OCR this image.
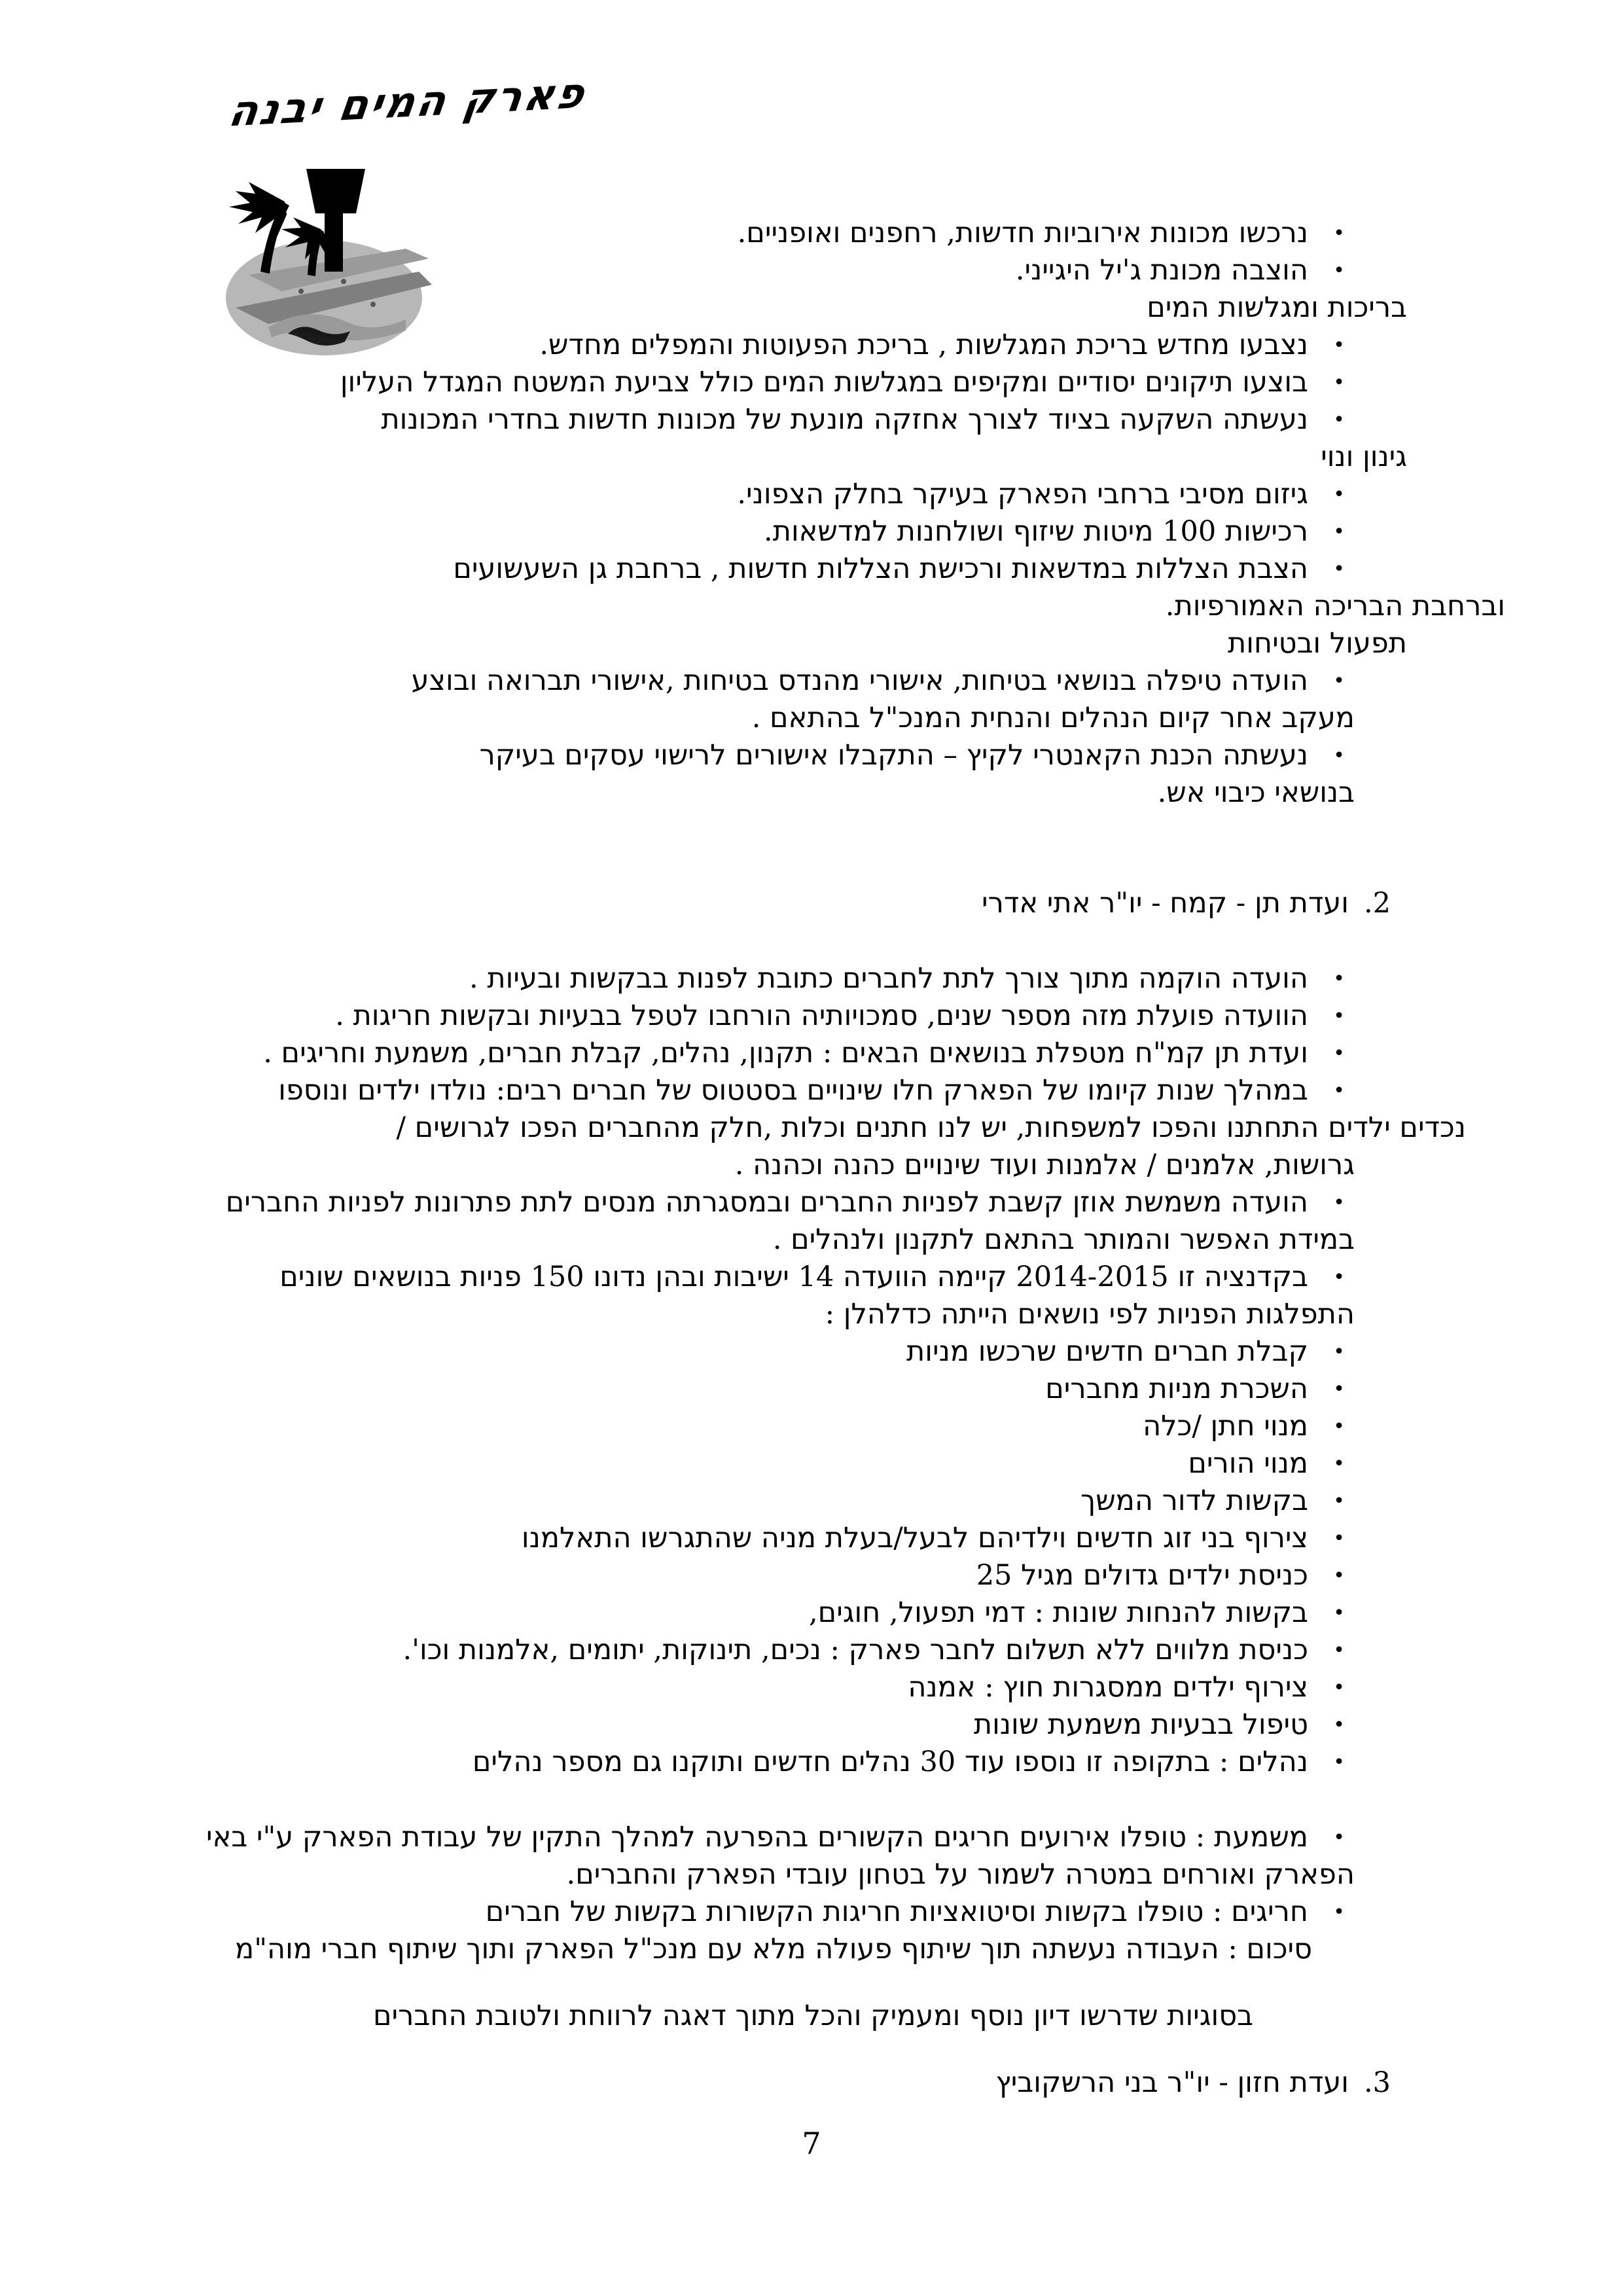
פארק המים יבנה
•נרכשו מכונות אירוביות חדשות, רחפנים ואופניים.
•הוצבה מכונת ג'יל היגייני.
בריכות ומגלשות המים
•נצבעו מחדש בריכת המגלשות , בריכת הפעוטות והמפלים מחדש.
•בוצעו תיקונים יסודיים ומקיפים במגלשות המים כולל צביעת המשטח המגדל העליון
•נעשתה השקעה בציוד לצורך אחזקה מונעת של מכונות חדשות בחדרי המכונות
גינון ונוי
•גיזום מסיבי ברחבי הפארק בעיקר בחלק הצפוני.
•רכישות 100 מיטות שיזוף ושולחנות למדשאות.
•הצבת הצללות במדשאות ורכישת הצללות חדשות , ברחבת גן השעשועים
וברחבת הבריכה האמורפיות.
תפעול ובטיחות
•הועדה טיפלה בנושאי בטיחות, אישורי מהנדס בטיחות ,אישורי תברואה ובוצע
מעקב אחר קיום הנהלים והנחית המנכ"ל בהתאם .
•נעשתה הכנת הקאנטרי לקיץ – התקבלו אישורים לרישוי עסקים בעיקר
בנושאי כיבוי אש.
2.ועדת תן - קמח - יו"ר אתי אדרי
•הועדה הוקמה מתוך צורך לתת לחברים כתובת לפנות בבקשות ובעיות .
•הוועדה פועלת מזה מספר שנים, סמכויותיה הורחבו לטפל בבעיות ובקשות חריגות .
•ועדת תן קמ"ח מטפלת בנושאים הבאים : תקנון, נהלים, קבלת חברים, משמעת וחריגים .
•במהלך שנות קיומו של הפארק חלו שינויים בסטטוס של חברים רבים: נולדו ילדים ונוספו
נכדים ילדים התחתנו והפכו למשפחות, יש לנו חתנים וכלות ,חלק מהחברים הפכו לגרושים /
גרושות, אלמנים / אלמנות ועוד שינויים כהנה וכהנה .
•הועדה משמשת אוזן קשבת לפניות החברים ובמסגרתה מנסים לתת פתרונות לפניות החברים
במידת האפשר והמותר בהתאם לתקנון ולנהלים .
•בקדנציה זו ‎2014-2015‎ קיימה הוועדה 14 ישיבות ובהן נדונו 150 פניות בנושאים שונים
התפלגות הפניות לפי נושאים הייתה כדלהלן :
•קבלת חברים חדשים שרכשו מניות
•השכרת מניות מחברים
•מנוי חתן /כלה
•מנוי הורים
•בקשות לדור המשך
•צירוף בני זוג חדשים וילדיהם לבעל/בעלת מניה שהתגרשו התאלמנו
•כניסת ילדים גדולים מגיל 25
•בקשות להנחות שונות : דמי תפעול, חוגים,
•כניסת מלווים ללא תשלום לחבר פארק : נכים, תינוקות, יתומים ,אלמנות וכו'.
•צירוף ילדים ממסגרות חוץ : אמנה
•טיפול בבעיות משמעת שונות
•נהלים : בתקופה זו נוספו עוד 30 נהלים חדשים ותוקנו גם מספר נהלים
•משמעת : טופלו אירועים חריגים הקשורים בהפרעה למהלך התקין של עבודת הפארק ע"י באי
הפארק ואורחים במטרה לשמור על בטחון עובדי הפארק והחברים.
•חריגים : טופלו בקשות וסיטואציות חריגות הקשורות בקשות של חברים
סיכום : העבודה נעשתה תוך שיתוף פעולה מלא עם מנכ"ל הפארק ותוך שיתוף חברי מוה"מ
בסוגיות שדרשו דיון נוסף ומעמיק והכל מתוך דאגה לרווחת ולטובת החברים
3.ועדת חזון - יו"ר בני הרשקוביץ
7
